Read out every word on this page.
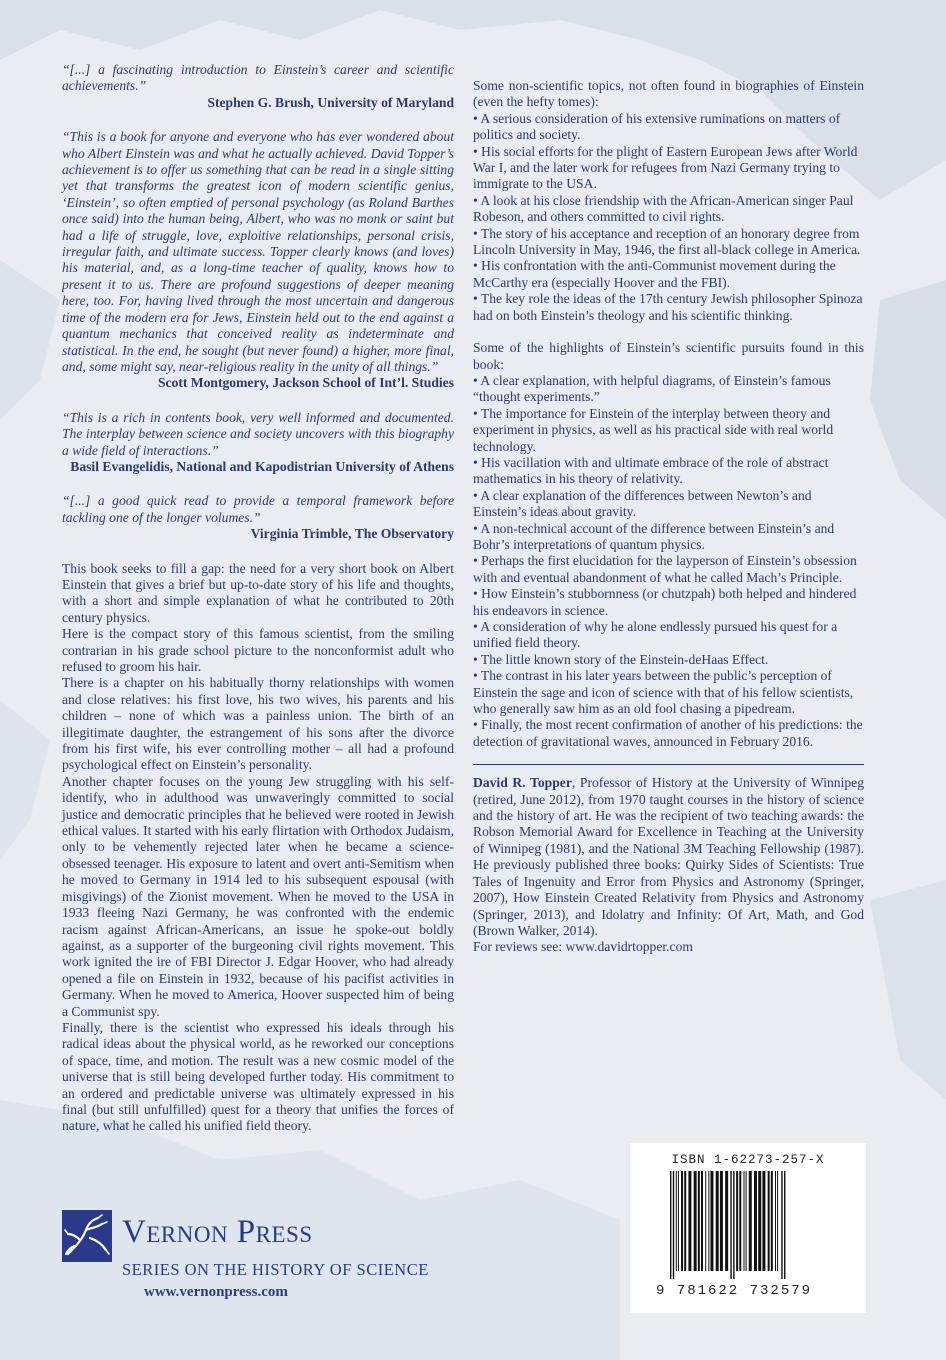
“[...] a fascinating introduction to Einstein’s career and scientific achievements.”

Stephen G. Brush, University of Maryland

“This is a book for anyone and everyone who has ever wondered about who Albert Einstein was and what he actually achieved. David Topper’s achievement is to offer us something that can be read in a single sitting yet that transforms the greatest icon of modern scientific genius, ‘Einstein’, so often emptied of personal psychology (as Roland Barthes once said) into the human being, Albert, who was no monk or saint but had a life of struggle, love, exploitive relationships, personal crisis, irregular faith, and ultimate success. Topper clearly knows (and loves) his material, and, as a long-time teacher of quality, knows how to present it to us. There are profound suggestions of deeper meaning here, too. For, having lived through the most uncertain and dangerous time of the modern era for Jews, Einstein held out to the end against a quantum mechanics that conceived reality as indeterminate and statistical. In the end, he sought (but never found) a higher, more final, and, some might say, near-religious reality in the unity of all things.”

Scott Montgomery, Jackson School of Int’l. Studies

“This is a rich in contents book, very well informed and documented. The interplay between science and society uncovers with this biography a wide field of interactions.”

Basil Evangelidis, National and Kapodistrian University of Athens

“[...] a good quick read to provide a temporal framework before tackling one of the longer volumes.”

Virginia Trimble, The Observatory

This book seeks to fill a gap: the need for a very short book on Albert Einstein that gives a brief but up-to-date story of his life and thoughts, with a short and simple explanation of what he contributed to 20th century physics.

Here is the compact story of this famous scientist, from the smiling contrarian in his grade school picture to the nonconformist adult who refused to groom his hair.

There is a chapter on his habitually thorny relationships with women and close relatives: his first love, his two wives, his parents and his children – none of which was a painless union. The birth of an illegitimate daughter, the estrangement of his sons after the divorce from his first wife, his ever controlling mother – all had a profound psychological effect on Einstein’s personality.

Another chapter focuses on the young Jew struggling with his self-identify, who in adulthood was unwaveringly committed to social justice and democratic principles that he believed were rooted in Jewish ethical values. It started with his early flirtation with Orthodox Judaism, only to be vehemently rejected later when he became a science-obsessed teenager. His exposure to latent and overt anti-Semitism when he moved to Germany in 1914 led to his subsequent espousal (with misgivings) of the Zionist movement. When he moved to the USA in 1933 fleeing Nazi Germany, he was confronted with the endemic racism against African-Americans, an issue he spoke-out boldly against, as a supporter of the burgeoning civil rights movement. This work ignited the ire of FBI Director J. Edgar Hoover, who had already opened a file on Einstein in 1932, because of his pacifist activities in Germany. When he moved to America, Hoover suspected him of being a Communist spy.

Finally, there is the scientist who expressed his ideals through his radical ideas about the physical world, as he reworked our conceptions of space, time, and motion. The result was a new cosmic model of the universe that is still being developed further today. His commitment to an ordered and predictable universe was ultimately expressed in his final (but still unfulfilled) quest for a theory that unifies the forces of nature, what he called his unified field theory.

Some non-scientific topics, not often found in biographies of Einstein (even the hefty tomes):

• A serious consideration of his extensive ruminations on matters of politics and society.
• His social efforts for the plight of Eastern European Jews after World War I, and the later work for refugees from Nazi Germany trying to immigrate to the USA.
• A look at his close friendship with the African-American singer Paul Robeson, and others committed to civil rights.
• The story of his acceptance and reception of an honorary degree from Lincoln University in May, 1946, the first all-black college in America.
• His confrontation with the anti-Communist movement during the McCarthy era (especially Hoover and the FBI).
• The key role the ideas of the 17th century Jewish philosopher Spinoza had on both Einstein’s theology and his scientific thinking.

Some of the highlights of Einstein’s scientific pursuits found in this book:

• A clear explanation, with helpful diagrams, of Einstein’s famous “thought experiments.”
• The importance for Einstein of the interplay between theory and experiment in physics, as well as his practical side with real world technology.
• His vacillation with and ultimate embrace of the role of abstract mathematics in his theory of relativity.
• A clear explanation of the differences between Newton’s and Einstein’s ideas about gravity.
• A non-technical account of the difference between Einstein’s and Bohr’s interpretations of quantum physics.
• Perhaps the first elucidation for the layperson of Einstein’s obsession with and eventual abandonment of what he called Mach’s Principle.
• How Einstein’s stubbornness (or chutzpah) both helped and hindered his endeavors in science.
• A consideration of why he alone endlessly pursued his quest for a unified field theory.
• The little known story of the Einstein-deHaas Effect.
• The contrast in his later years between the public’s perception of Einstein the sage and icon of science with that of his fellow scientists, who generally saw him as an old fool chasing a pipedream.
• Finally, the most recent confirmation of another of his predictions: the detection of gravitational waves, announced in February 2016.

David R. Topper, Professor of History at the University of Winnipeg (retired, June 2012), from 1970 taught courses in the history of science and the history of art. He was the recipient of two teaching awards: the Robson Memorial Award for Excellence in Teaching at the University of Winnipeg (1981), and the National 3M Teaching Fellowship (1987). He previously published three books: Quirky Sides of Scientists: True Tales of Ingenuity and Error from Physics and Astronomy (Springer, 2007), How Einstein Created Relativity from Physics and Astronomy (Springer, 2013), and Idolatry and Infinity: Of Art, Math, and God (Brown Walker, 2014).

For reviews see: www.davidrtopper.com

Vernon Press
SERIES ON THE HISTORY OF SCIENCE
www.vernonpress.com
ISBN 1-62273-257-X
9 781622 732579
